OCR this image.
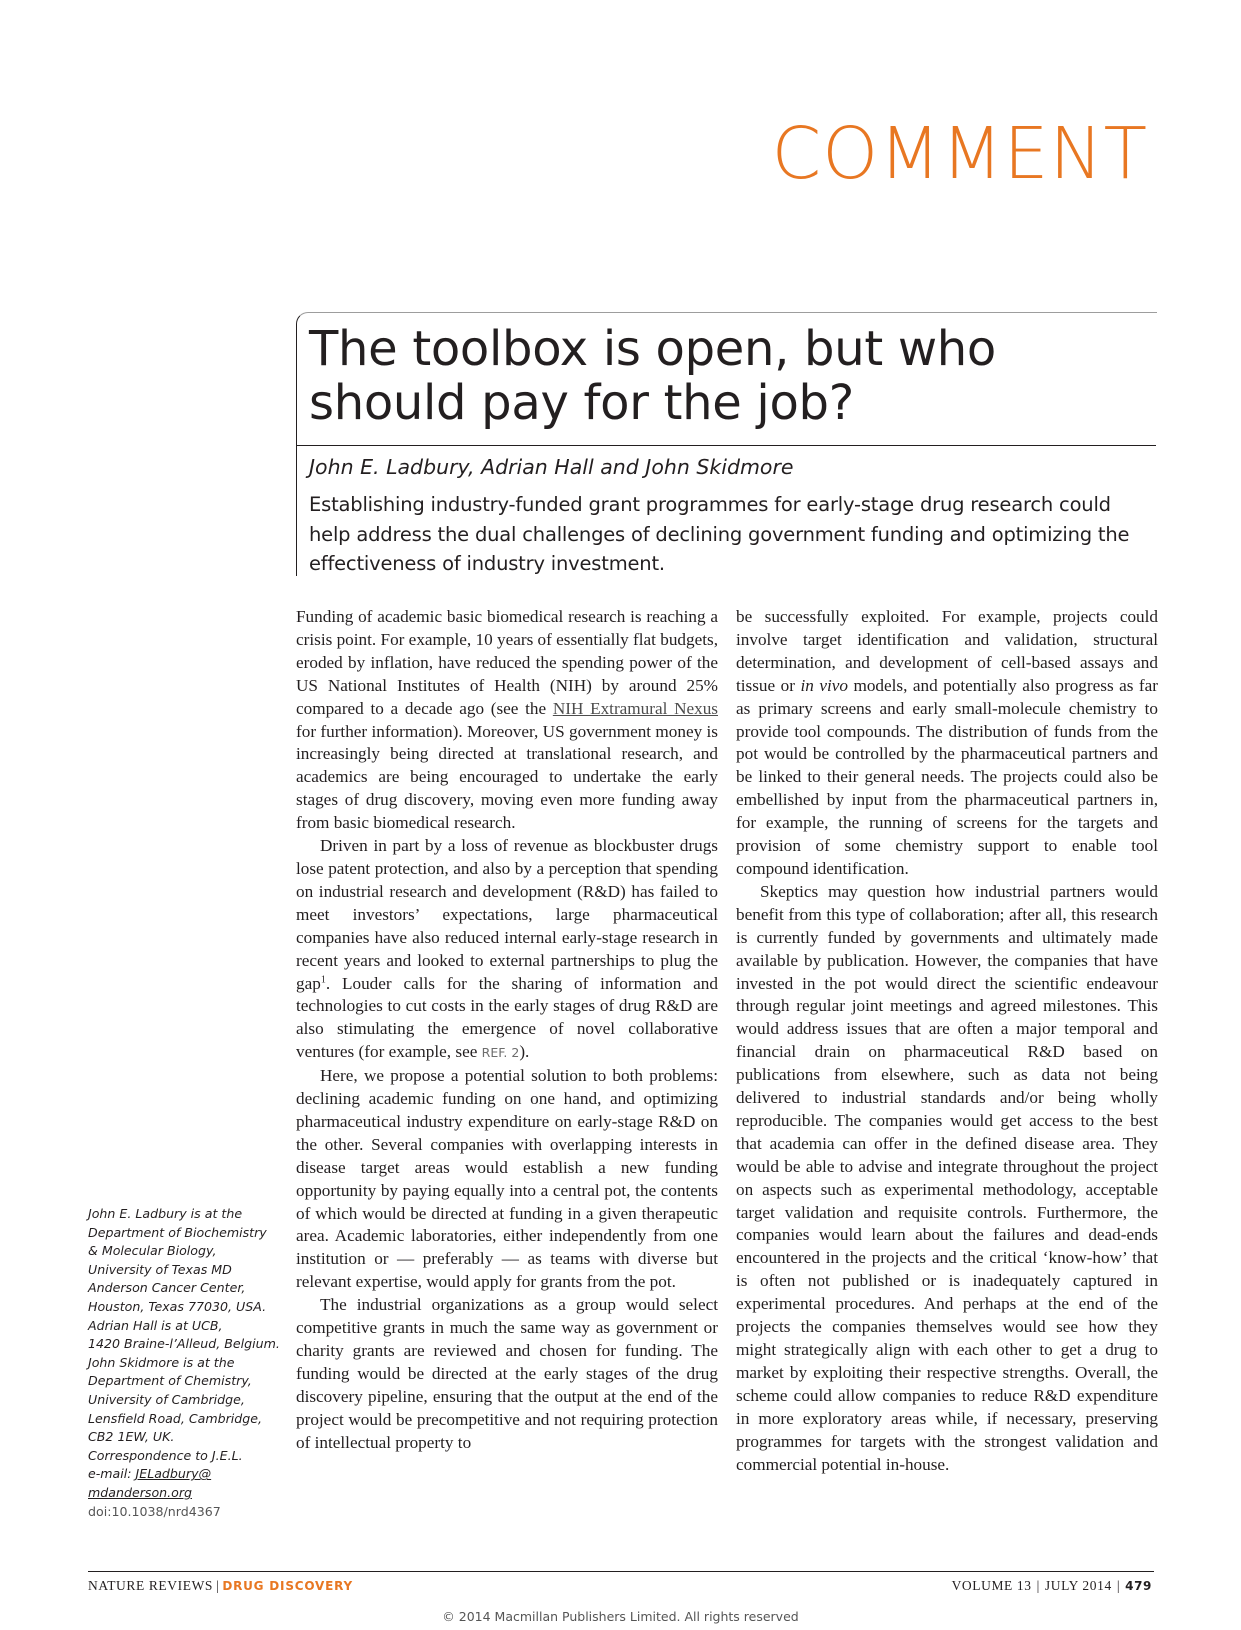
COMMENT
The toolbox is open, but who should pay for the job?
John E. Ladbury, Adrian Hall and John Skidmore

Establishing industry-funded grant programmes for early-stage drug research could help address the dual challenges of declining government funding and optimizing the effectiveness of industry investment.

Funding of academic basic biomedical research is reaching a crisis point. For example, 10 years of essentially flat budgets, eroded by inflation, have reduced the spending power of the US National Institutes of Health (NIH) by around 25% compared to a decade ago (see the NIH Extramural Nexus for further information). Moreover, US government money is increasingly being directed at translational research, and academics are being encouraged to undertake the early stages of drug discovery, moving even more funding away from basic biomedical research.

Driven in part by a loss of revenue as blockbuster drugs lose patent protection, and also by a perception that spending on industrial research and development (R&D) has failed to meet investors’ expectations, large pharmaceutical companies have also reduced internal early-stage research in recent years and looked to external partnerships to plug the gap$^1$. Louder calls for the sharing of information and technologies to cut costs in the early stages of drug R&D are also stimulating the emergence of novel collaborative ventures (for example, see REF. 2).

Here, we propose a potential solution to both problems: declining academic funding on one hand, and optimizing pharmaceutical industry expenditure on early-stage R&D on the other. Several companies with overlapping interests in disease target areas would establish a new funding opportunity by paying equally into a central pot, the contents of which would be directed at funding in a given therapeutic area. Academic laboratories, either independently from one institution or — preferably — as teams with diverse but relevant expertise, would apply for grants from the pot.

The industrial organizations as a group would select competitive grants in much the same way as government or charity grants are reviewed and chosen for funding. The funding would be directed at the early stages of the drug discovery pipeline, ensuring that the output at the end of the project would be precompetitive and not requiring protection of intellectual property to

be successfully exploited. For example, projects could involve target identification and validation, structural determination, and development of cell-based assays and tissue or in vivo models, and potentially also progress as far as primary screens and early small-molecule chemistry to provide tool compounds. The distribution of funds from the pot would be controlled by the pharmaceutical partners and be linked to their general needs. The projects could also be embellished by input from the pharmaceutical partners in, for example, the running of screens for the targets and provision of some chemistry support to enable tool compound identification.

Skeptics may question how industrial partners would benefit from this type of collaboration; after all, this research is currently funded by governments and ultimately made available by publication. However, the companies that have invested in the pot would direct the scientific endeavour through regular joint meetings and agreed milestones. This would address issues that are often a major temporal and financial drain on pharmaceutical R&D based on publications from elsewhere, such as data not being delivered to industrial standards and/or being wholly reproducible. The companies would get access to the best that academia can offer in the defined disease area. They would be able to advise and integrate throughout the project on aspects such as experimental methodology, acceptable target validation and requisite controls. Furthermore, the companies would learn about the failures and dead-ends encountered in the projects and the critical ‘know-how’ that is often not published or is inadequately captured in experimental procedures. And perhaps at the end of the projects the companies themselves would see how they might strategically align with each other to get a drug to market by exploiting their respective strengths. Overall, the scheme could allow companies to reduce R&D expenditure in more exploratory areas while, if necessary, preserving programmes for targets with the strongest validation and commercial potential in-house.

John E. Ladbury is at the
Department of Biochemistry
& Molecular Biology,
University of Texas MD
Anderson Cancer Center,
Houston, Texas 77030, USA.
Adrian Hall is at UCB,
1420 Braine-l’Alleud, Belgium.
John Skidmore is at the
Department of Chemistry,
University of Cambridge,
Lensfield Road, Cambridge,
CB2 1EW, UK.
Correspondence to J.E.L.
e-mail: JELadbury@
mdanderson.org
doi:10.1038/nrd4367

NATURE REVIEWS | DRUG DISCOVERY	VOLUME 13 | JULY 2014 | 479
© 2014 Macmillan Publishers Limited. All rights reserved
